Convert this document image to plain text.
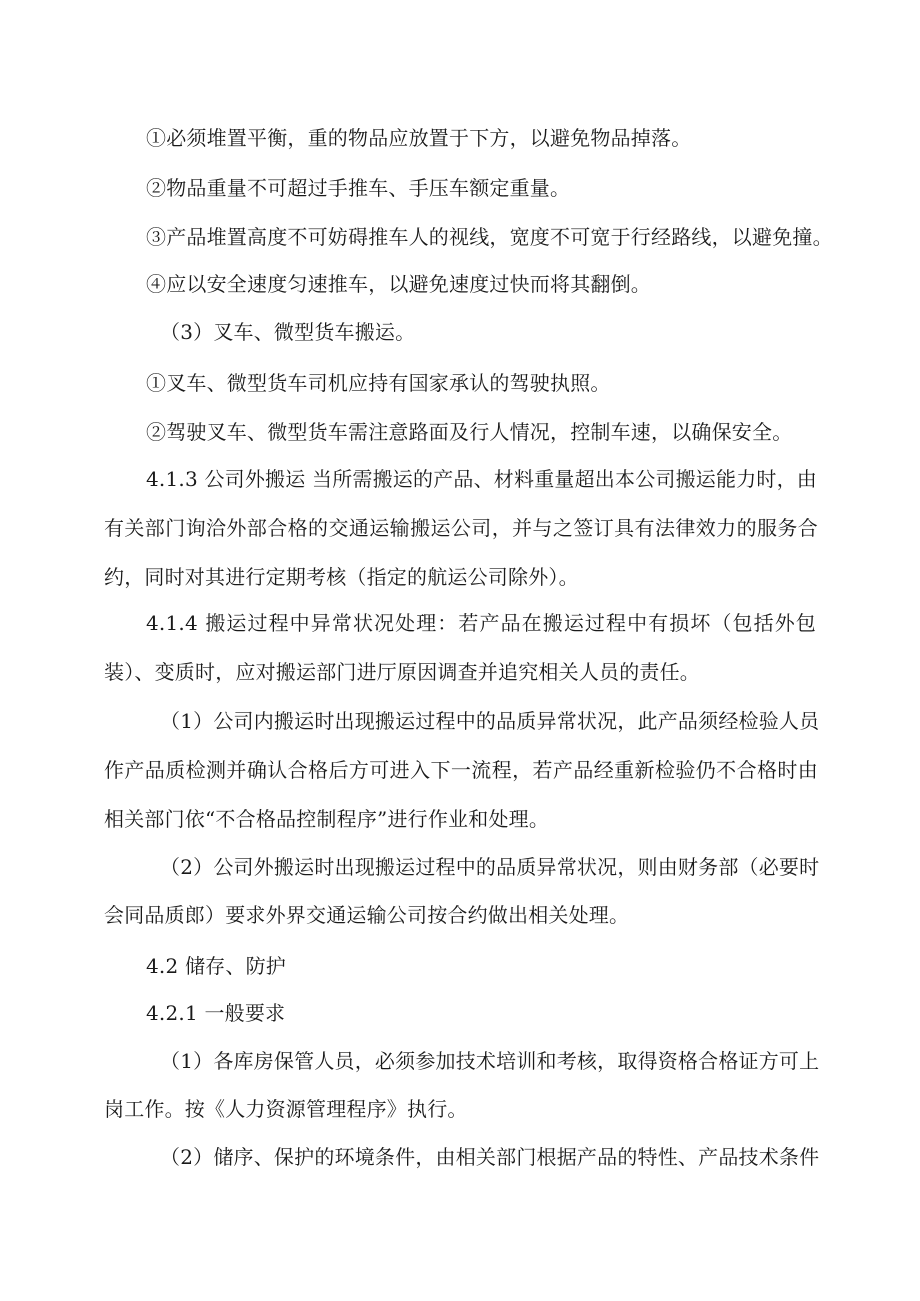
①必须堆置平衡，重的物品应放置于下方，以避免物品掉落。
②物品重量不可超过手推车、手压车额定重量。
③产品堆置高度不可妨碍推车人的视线，宽度不可宽于行经路线，以避免撞。
④应以安全速度匀速推车，以避免速度过快而将其翻倒。
（3）叉车、微型货车搬运。
①叉车、微型货车司机应持有国家承认的驾驶执照。
②驾驶叉车、微型货车需注意路面及行人情况，控制车速，以确保安全。
4.1.3 公司外搬运 当所需搬运的产品、材料重量超出本公司搬运能力时，由
有关部门询洽外部合格的交通运输搬运公司，并与之签订具有法律效力的服务合
约，同时对其进行定期考核（指定的航运公司除外）。
4.1.4 搬运过程中异常状况处理：若产品在搬运过程中有损坏（包括外包
装）、变质时，应对搬运部门进厅原因调查并追究相关人员的责任。
（1）公司内搬运时出现搬运过程中的品质异常状况，此产品须经检验人员
作产品质检测并确认合格后方可进入下一流程，若产品经重新检验仍不合格时由
相关部门依“不合格品控制程序”进行作业和处理。
（2）公司外搬运时出现搬运过程中的品质异常状况，则由财务部（必要时
会同品质郎）要求外界交通运输公司按合约做出相关处理。
4.2 储存、防护
4.2.1 一般要求
（1）各库房保管人员，必须参加技术培训和考核，取得资格合格证方可上
岗工作。按《人力资源管理程序》执行。
（2）储序、保护的环境条件，由相关部门根据产品的特性、产品技术条件
